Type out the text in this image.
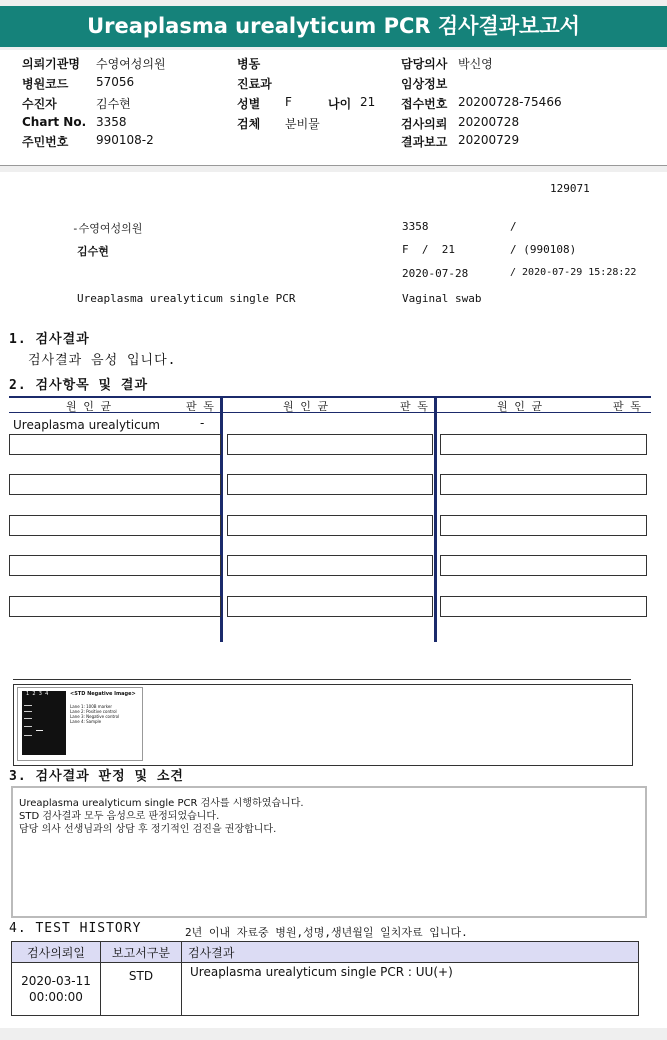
Ureaplasma urealyticum PCR 검사결과보고서
의뢰기관명 수영여성의원
병원코드 57056
수진자	김수현
Chart No. 3358
주민번호 990108-2
병동
진료과
성별 F	나이 21
검체 분비물
담당의사 박신영
임상정보
접수번호 20200728-75466
검사의뢰 20200728
결과보고 20200729
129071
-수영여성의원	3358	/
김수현	F  /  21	/ (990108)
2020-07-28	/ 2020-07-29 15:28:22
Ureaplasma urealyticum single PCR	Vaginal swab
1. 검사결과
검사결과 음성 입니다.
2. 검사항목 및 결과
원 인 균	판 독	원 인 균	판 독	원 인 균	판 독
Ureaplasma urealyticum	-
1  2  3  4	<STD Negative Image>
Lane 1: 100B marker
Lane 2: Positive control
Lane 3: Negative control
Lane 4: Sample
3. 검사결과 판정 및 소견
Ureaplasma urealyticum single PCR 검사를 시행하였습니다.
STD 검사결과 모두 음성으로 판정되었습니다.
담당 의사 선생님과의 상담 후 정기적인 검진을 권장합니다.
4. TEST HISTORY	2년 이내 자료중 병원,성명,생년월일 일치자료 입니다.
검사의뢰일	보고서구분	검사결과

2020-03-11
00:00:00	STD	Ureaplasma urealyticum single PCR : UU(+)
